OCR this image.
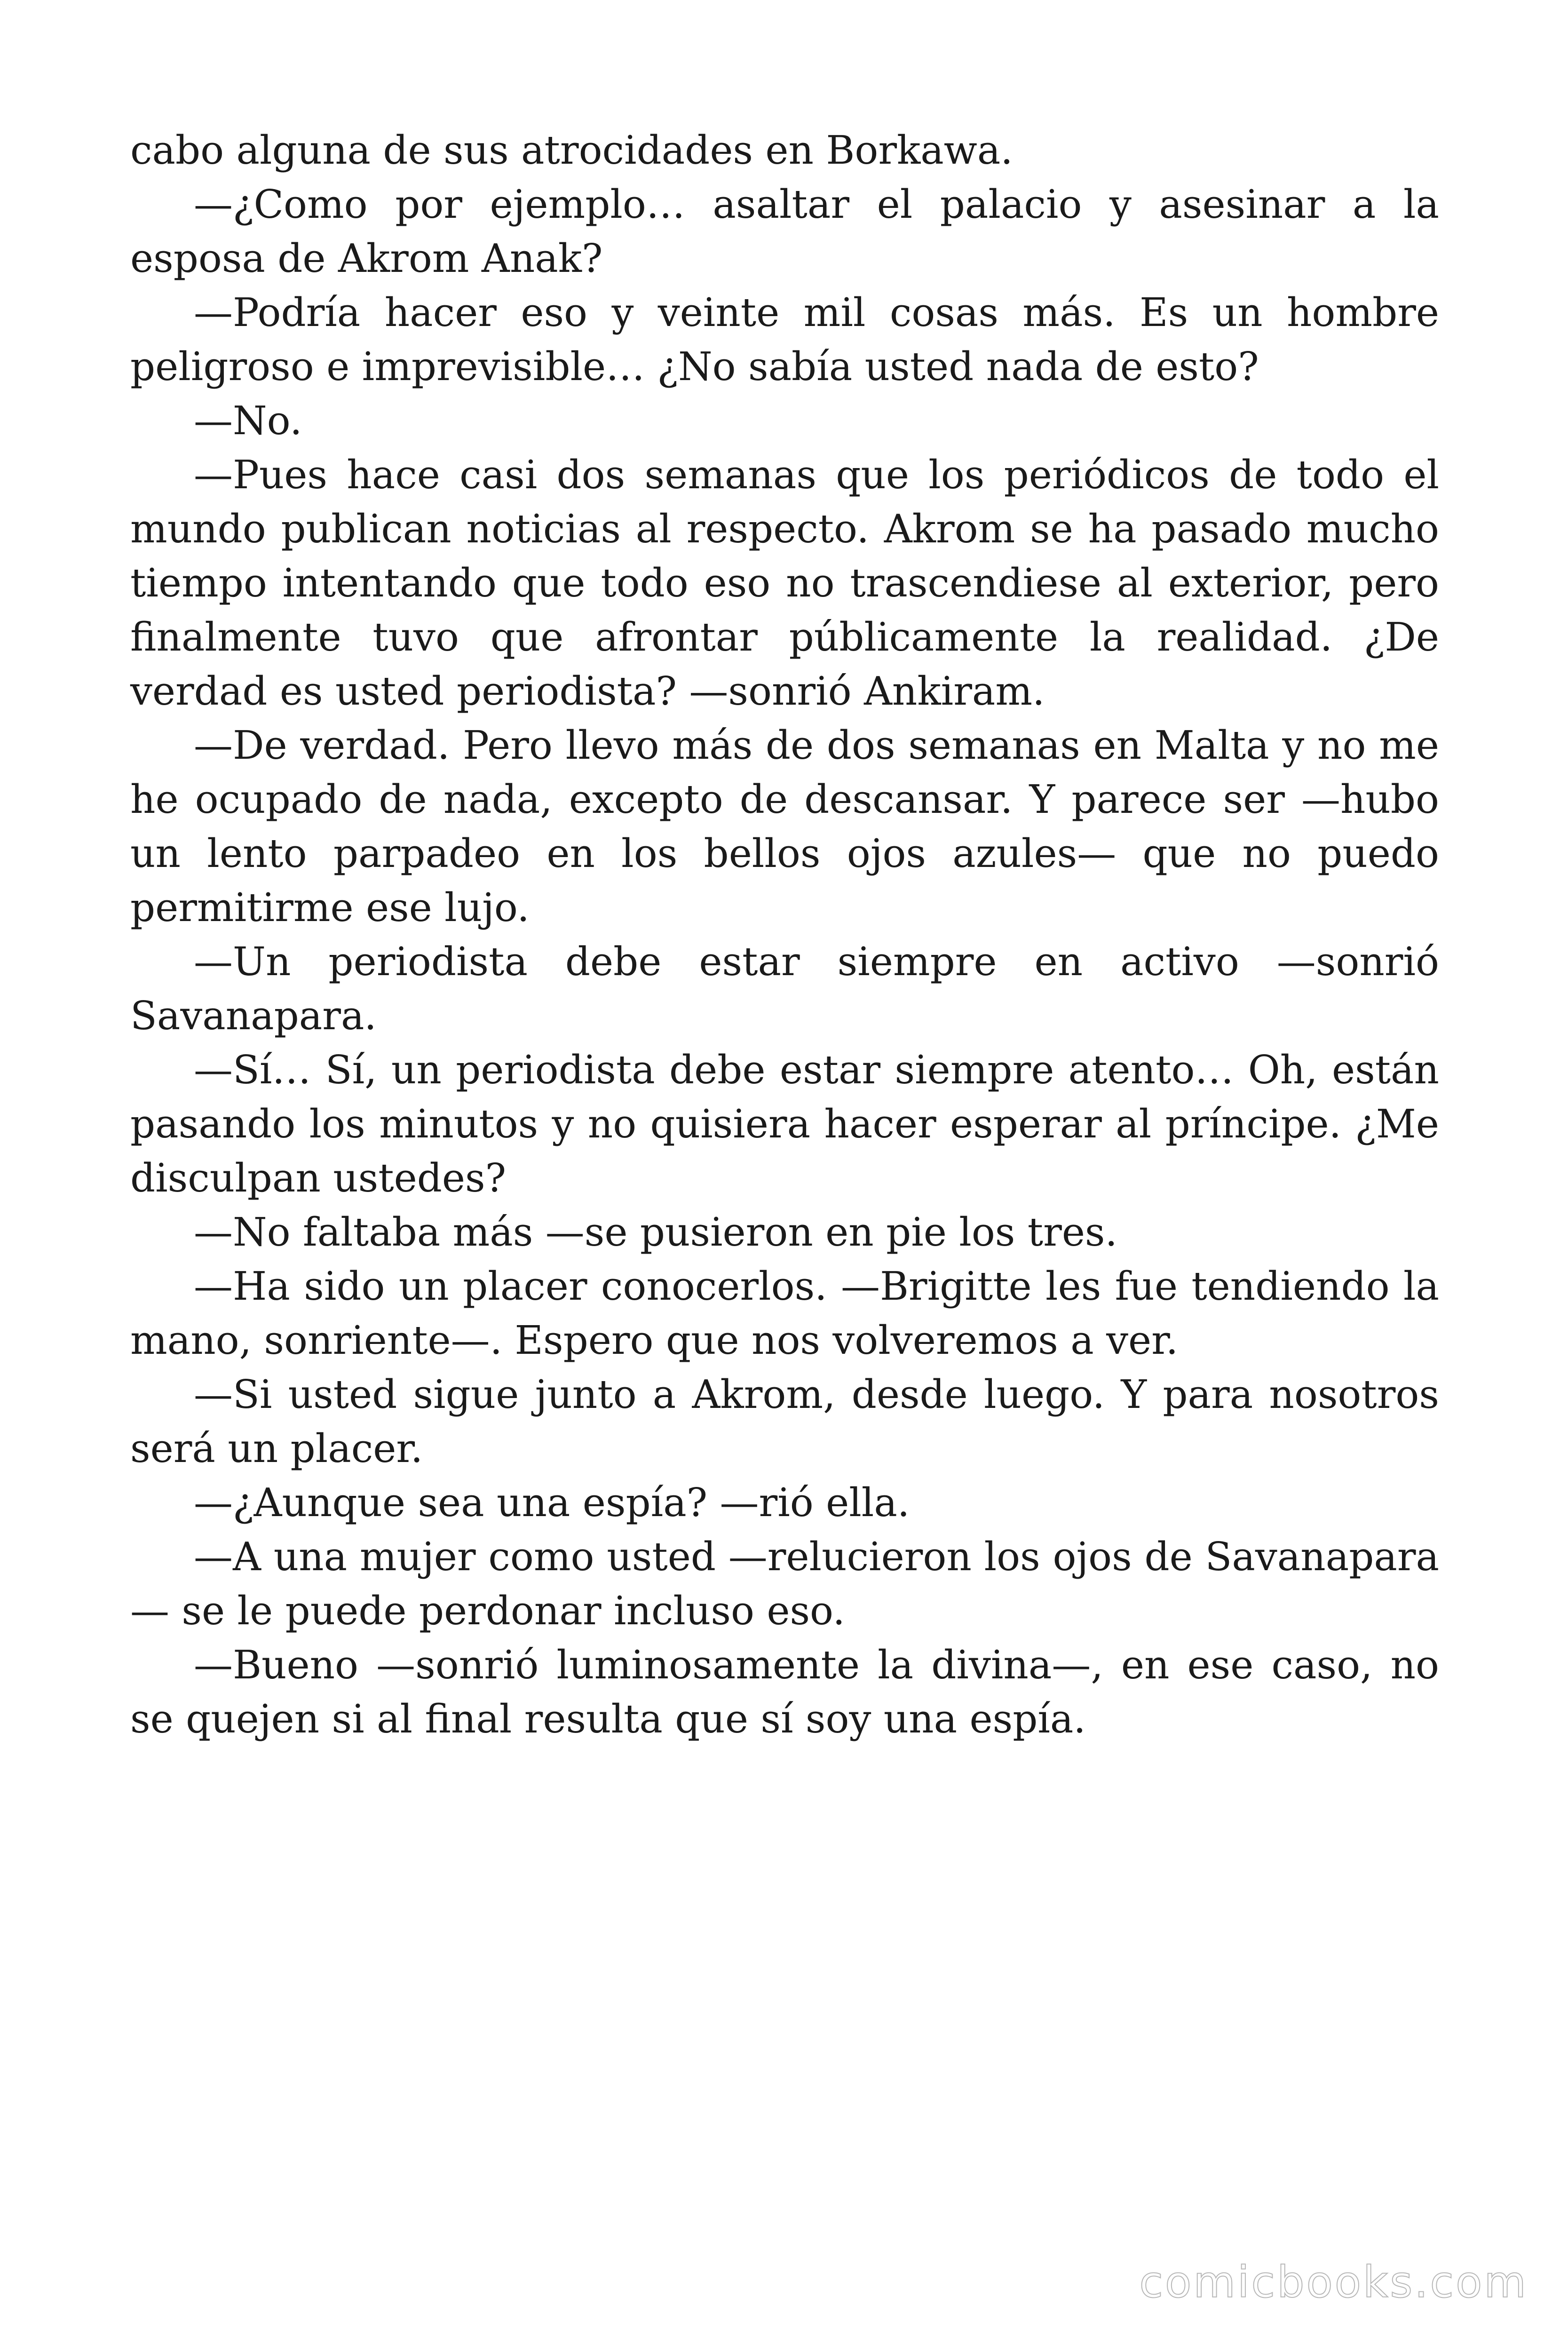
cabo alguna de sus atrocidades en Borkawa.

—¿Como por ejemplo… asaltar el palacio y asesinar a la esposa de Akrom Anak?

—Podría hacer eso y veinte mil cosas más. Es un hombre peligroso e imprevisible… ¿No sabía usted nada de esto?

—No.

—Pues hace casi dos semanas que los periódicos de todo el mundo publican noticias al respecto. Akrom se ha pasado mucho tiempo intentando que todo eso no trascendiese al exterior, pero finalmente tuvo que afrontar públicamente la realidad. ¿De verdad es usted periodista? —sonrió Ankiram.

—De verdad. Pero llevo más de dos semanas en Malta y no me he ocupado de nada, excepto de descansar. Y parece ser —hubo un lento parpadeo en los bellos ojos azules— que no puedo permitirme ese lujo.

—Un periodista debe estar siempre en activo —sonrió Savanapara.

—Sí… Sí, un periodista debe estar siempre atento… Oh, están pasando los minutos y no quisiera hacer esperar al príncipe. ¿Me disculpan ustedes?

—No faltaba más —se pusieron en pie los tres.

—Ha sido un placer conocerlos. —Brigitte les fue tendiendo la mano, sonriente—. Espero que nos volveremos a ver.

—Si usted sigue junto a Akrom, desde luego. Y para nosotros será un placer.

—¿Aunque sea una espía? —rió ella.

—A una mujer como usted —relucieron los ojos de Savanapara — se le puede perdonar incluso eso.

—Bueno —sonrió luminosamente la divina—, en ese caso, no se quejen si al final resulta que sí soy una espía.

comicbooks.com
